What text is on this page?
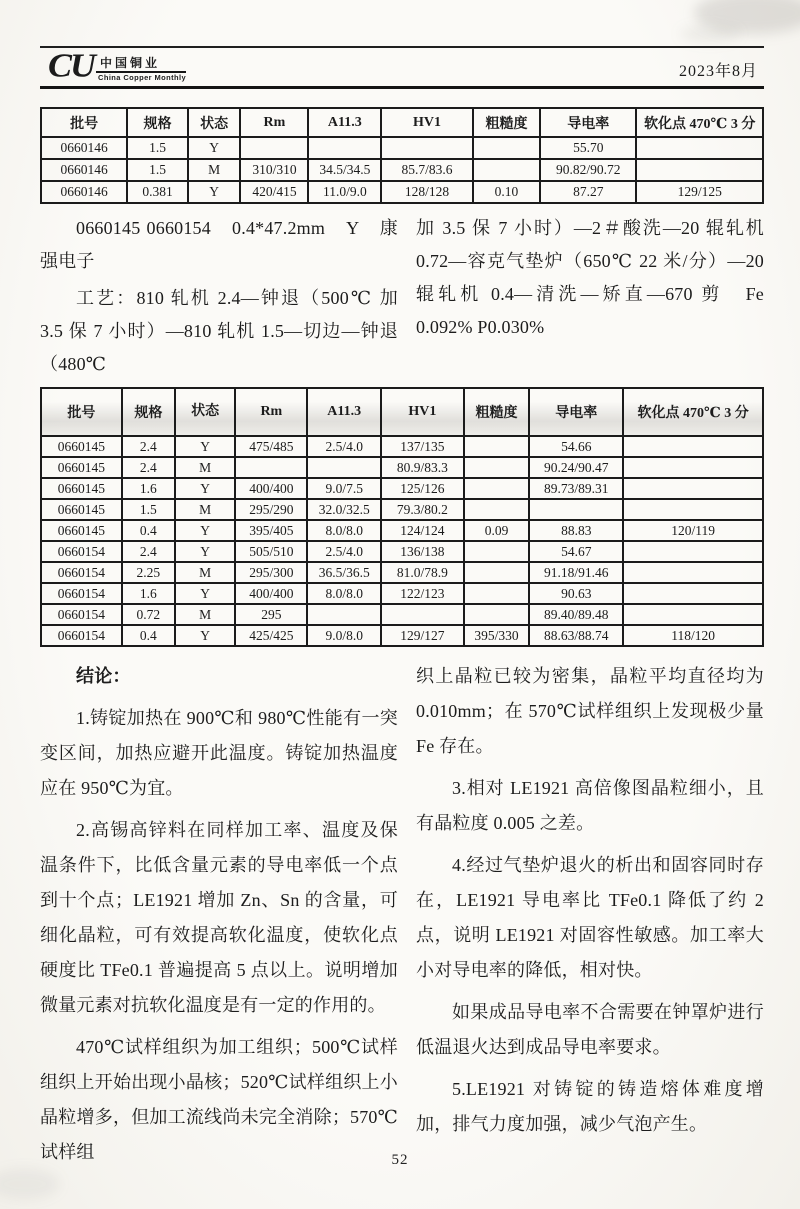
CU 中国铜业
China Copper Monthly	2023年8月
批号	规格	状态	Rm	A11.3	HV1	粗糙度	导电率	软化点 470℃ 3 分
0660146	1.5	Y					55.70	
0660146	1.5	M	310/310	34.5/34.5	85.7/83.6		90.82/90.72	
0660146	0.381	Y	420/415	11.0/9.0	128/128	0.10	87.27	129/125

0660145 0660154　0.4*47.2mm　Y　康强电子

工艺：810 轧机 2.4—钟退（500℃ 加 3.5 保 7 小时）—810 轧机 1.5—切边—钟退（480℃

加 3.5 保 7 小时）—2＃酸洗—20 辊轧机 0.72—容克气垫炉（650℃ 22 米/分）—20 辊轧机 0.4—清洗—矫直—670 剪　Fe　0.092% P0.030%

批号	规格	状态	Rm	A11.3	HV1	粗糙度	导电率	软化点 470℃ 3 分
0660145	2.4	Y	475/485	2.5/4.0	137/135		54.66	
0660145	2.4	M			80.9/83.3		90.24/90.47	
0660145	1.6	Y	400/400	9.0/7.5	125/126		89.73/89.31	
0660145	1.5	M	295/290	32.0/32.5	79.3/80.2			
0660145	0.4	Y	395/405	8.0/8.0	124/124	0.09	88.83	120/119
0660154	2.4	Y	505/510	2.5/4.0	136/138		54.67	
0660154	2.25	M	295/300	36.5/36.5	81.0/78.9		91.18/91.46	
0660154	1.6	Y	400/400	8.0/8.0	122/123		90.63	
0660154	0.72	M	295				89.40/89.48	
0660154	0.4	Y	425/425	9.0/8.0	129/127	395/330	88.63/88.74	118/120

结论：

1.铸锭加热在 900℃和 980℃性能有一突变区间，加热应避开此温度。铸锭加热温度应在 950℃为宜。

2.高锡高锌料在同样加工率、温度及保温条件下，比低含量元素的导电率低一个点到十个点；LE1921 增加 Zn、Sn 的含量，可细化晶粒，可有效提高软化温度，使软化点硬度比 TFe0.1 普遍提高 5 点以上。说明增加微量元素对抗软化温度是有一定的作用的。

470℃试样组织为加工组织；500℃试样组织上开始出现小晶核；520℃试样组织上小晶粒增多，但加工流线尚未完全消除；570℃试样组

织上晶粒已较为密集，晶粒平均直径均为 0.010mm；在 570℃试样组织上发现极少量 Fe 存在。

3.相对 LE1921 高倍像图晶粒细小，且有晶粒度 0.005 之差。

4.经过气垫炉退火的析出和固容同时存在，LE1921 导电率比 TFe0.1 降低了约 2 点，说明 LE1921 对固容性敏感。加工率大小对导电率的降低，相对快。

如果成品导电率不合需要在钟罩炉进行低温退火达到成品导电率要求。

5.LE1921 对铸锭的铸造熔体难度增加，排气力度加强，减少气泡产生。

52
